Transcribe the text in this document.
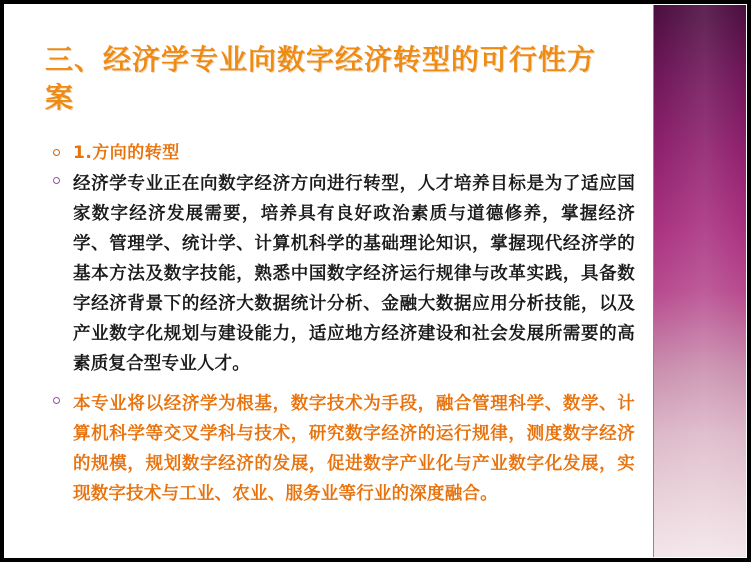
三、经济学专业向数字经济转型的可行性方案
1.方向的转型
经济学专业正在向数字经济方向进行转型，人才培养目标是为了适应国家数字经济发展需要，培养具有良好政治素质与道德修养，掌握经济学、管理学、统计学、计算机科学的基础理论知识，掌握现代经济学的基本方法及数字技能，熟悉中国数字经济运行规律与改革实践，具备数字经济背景下的经济大数据统计分析、金融大数据应用分析技能，以及产业数字化规划与建设能力，适应地方经济建设和社会发展所需要的高素质复合型专业人才。
本专业将以经济学为根基，数字技术为手段，融合管理科学、数学、计算机科学等交叉学科与技术，研究数字经济的运行规律，测度数字经济的规模，规划数字经济的发展，促进数字产业化与产业数字化发展，实现数字技术与工业、农业、服务业等行业的深度融合。
